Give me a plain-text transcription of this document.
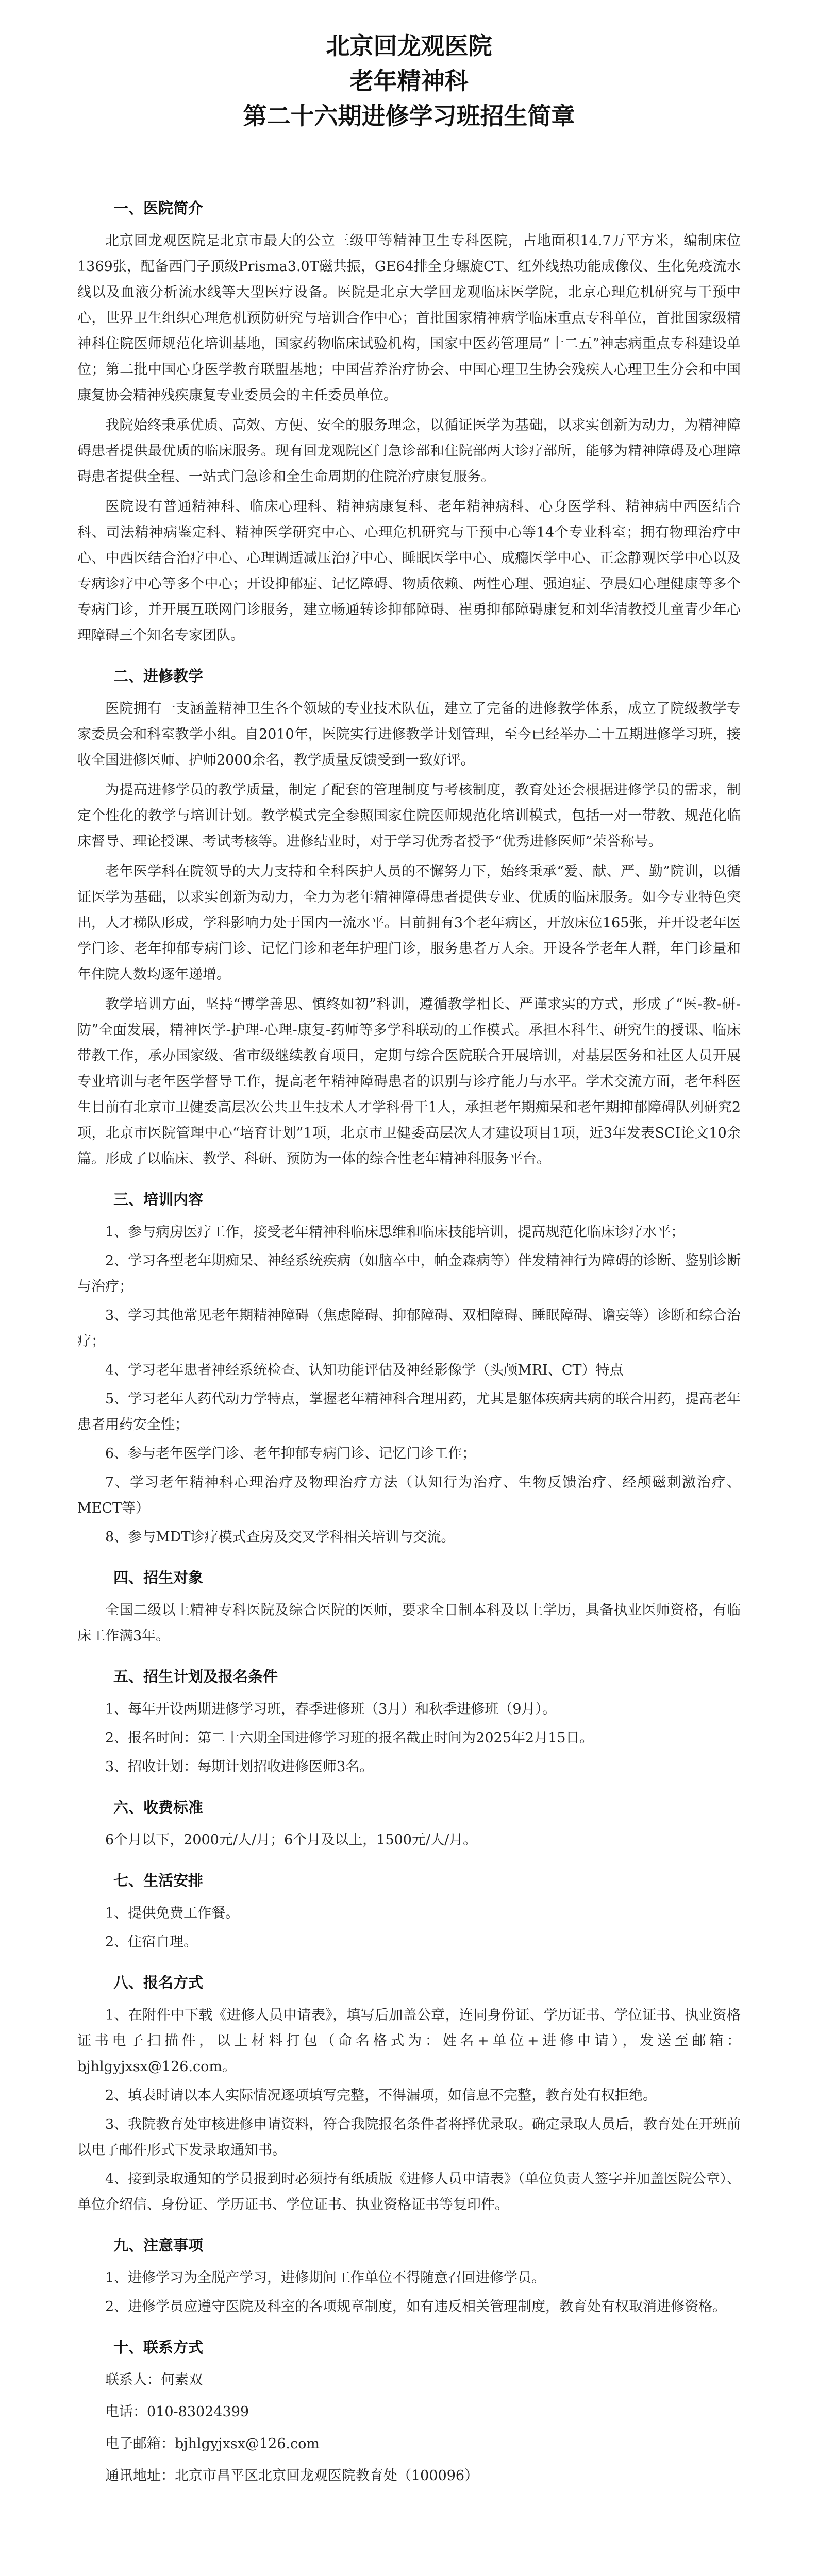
北京回龙观医院
老年精神科
第二十六期进修学习班招生简章
一、医院简介

北京回龙观医院是北京市最大的公立三级甲等精神卫生专科医院，占地面积14.7万平方米，编制床位1369张，配备西门子顶级Prisma3.0T磁共振，GE64排全身螺旋CT、红外线热功能成像仪、生化免疫流水线以及血液分析流水线等大型医疗设备。医院是北京大学回龙观临床医学院，北京心理危机研究与干预中心，世界卫生组织心理危机预防研究与培训合作中心；首批国家精神病学临床重点专科单位，首批国家级精神科住院医师规范化培训基地，国家药物临床试验机构，国家中医药管理局“十二五”神志病重点专科建设单位；第二批中国心身医学教育联盟基地；中国营养治疗协会、中国心理卫生协会残疾人心理卫生分会和中国康复协会精神残疾康复专业委员会的主任委员单位。

我院始终秉承优质、高效、方便、安全的服务理念，以循证医学为基础，以求实创新为动力，为精神障碍患者提供最优质的临床服务。现有回龙观院区门急诊部和住院部两大诊疗部所，能够为精神障碍及心理障碍患者提供全程、一站式门急诊和全生命周期的住院治疗康复服务。

医院设有普通精神科、临床心理科、精神病康复科、老年精神病科、心身医学科、精神病中西医结合科、司法精神病鉴定科、精神医学研究中心、心理危机研究与干预中心等14个专业科室；拥有物理治疗中心、中西医结合治疗中心、心理调适减压治疗中心、睡眠医学中心、成瘾医学中心、正念静观医学中心以及专病诊疗中心等多个中心；开设抑郁症、记忆障碍、物质依赖、两性心理、强迫症、孕晨妇心理健康等多个专病门诊，并开展互联网门诊服务，建立畅通转诊抑郁障碍、崔勇抑郁障碍康复和刘华清教授儿童青少年心理障碍三个知名专家团队。

二、进修教学

医院拥有一支涵盖精神卫生各个领域的专业技术队伍，建立了完备的进修教学体系，成立了院级教学专家委员会和科室教学小组。自2010年，医院实行进修教学计划管理，至今已经举办二十五期进修学习班，接收全国进修医师、护师2000余名，教学质量反馈受到一致好评。

为提高进修学员的教学质量，制定了配套的管理制度与考核制度，教育处还会根据进修学员的需求，制定个性化的教学与培训计划。教学模式完全参照国家住院医师规范化培训模式，包括一对一带教、规范化临床督导、理论授课、考试考核等。进修结业时，对于学习优秀者授予“优秀进修医师”荣誉称号。

老年医学科在院领导的大力支持和全科医护人员的不懈努力下，始终秉承“爱、献、严、勤”院训，以循证医学为基础，以求实创新为动力，全力为老年精神障碍患者提供专业、优质的临床服务。如今专业特色突出，人才梯队形成，学科影响力处于国内一流水平。目前拥有3个老年病区，开放床位165张，并开设老年医学门诊、老年抑郁专病门诊、记忆门诊和老年护理门诊，服务患者万人余。开设各学老年人群，年门诊量和年住院人数均逐年递增。

教学培训方面，坚持“博学善思、慎终如初”科训，遵循教学相长、严谨求实的方式，形成了“医-教-研-防”全面发展，精神医学-护理-心理-康复-药师等多学科联动的工作模式。承担本科生、研究生的授课、临床带教工作，承办国家级、省市级继续教育项目，定期与综合医院联合开展培训，对基层医务和社区人员开展专业培训与老年医学督导工作，提高老年精神障碍患者的识别与诊疗能力与水平。学术交流方面，老年科医生目前有北京市卫健委高层次公共卫生技术人才学科骨干1人，承担老年期痴呆和老年期抑郁障碍队列研究2项，北京市医院管理中心“培育计划”1项，北京市卫健委高层次人才建设项目1项，近3年发表SCI论文10余篇。形成了以临床、教学、科研、预防为一体的综合性老年精神科服务平台。

三、培训内容

1、参与病房医疗工作，接受老年精神科临床思维和临床技能培训，提高规范化临床诊疗水平；

2、学习各型老年期痴呆、神经系统疾病（如脑卒中，帕金森病等）伴发精神行为障碍的诊断、鉴别诊断与治疗；

3、学习其他常见老年期精神障碍（焦虑障碍、抑郁障碍、双相障碍、睡眠障碍、谵妄等）诊断和综合治疗；

4、学习老年患者神经系统检查、认知功能评估及神经影像学（头颅MRI、CT）特点

5、学习老年人药代动力学特点，掌握老年精神科合理用药，尤其是躯体疾病共病的联合用药，提高老年患者用药安全性；

6、参与老年医学门诊、老年抑郁专病门诊、记忆门诊工作；

7、学习老年精神科心理治疗及物理治疗方法（认知行为治疗、生物反馈治疗、经颅磁刺激治疗、MECT等）

8、参与MDT诊疗模式查房及交叉学科相关培训与交流。

四、招生对象

全国二级以上精神专科医院及综合医院的医师，要求全日制本科及以上学历，具备执业医师资格，有临床工作满3年。

五、招生计划及报名条件

1、每年开设两期进修学习班，春季进修班（3月）和秋季进修班（9月）。

2、报名时间：第二十六期全国进修学习班的报名截止时间为2025年2月15日。

3、招收计划：每期计划招收进修医师3名。

六、收费标准

6个月以下，2000元/人/月；6个月及以上，1500元/人/月。

七、生活安排

1、提供免费工作餐。

2、住宿自理。

八、报名方式

1、在附件中下载《进修人员申请表》，填写后加盖公章，连同身份证、学历证书、学位证书、执业资格证书电子扫描件，以上材料打包（命名格式为：姓名+单位+进修申请），发送至邮箱：bjhlgyjxsx@126.com。

2、填表时请以本人实际情况逐项填写完整，不得漏项，如信息不完整，教育处有权拒绝。

3、我院教育处审核进修申请资料，符合我院报名条件者将择优录取。确定录取人员后，教育处在开班前以电子邮件形式下发录取通知书。

4、接到录取通知的学员报到时必须持有纸质版《进修人员申请表》（单位负责人签字并加盖医院公章）、单位介绍信、身份证、学历证书、学位证书、执业资格证书等复印件。

九、注意事项

1、进修学习为全脱产学习，进修期间工作单位不得随意召回进修学员。

2、进修学员应遵守医院及科室的各项规章制度，如有违反相关管理制度，教育处有权取消进修资格。

十、联系方式

联系人：何素双

电话：010-83024399

电子邮箱：bjhlgyjxsx@126.com

通讯地址：北京市昌平区北京回龙观医院教育处（100096）
